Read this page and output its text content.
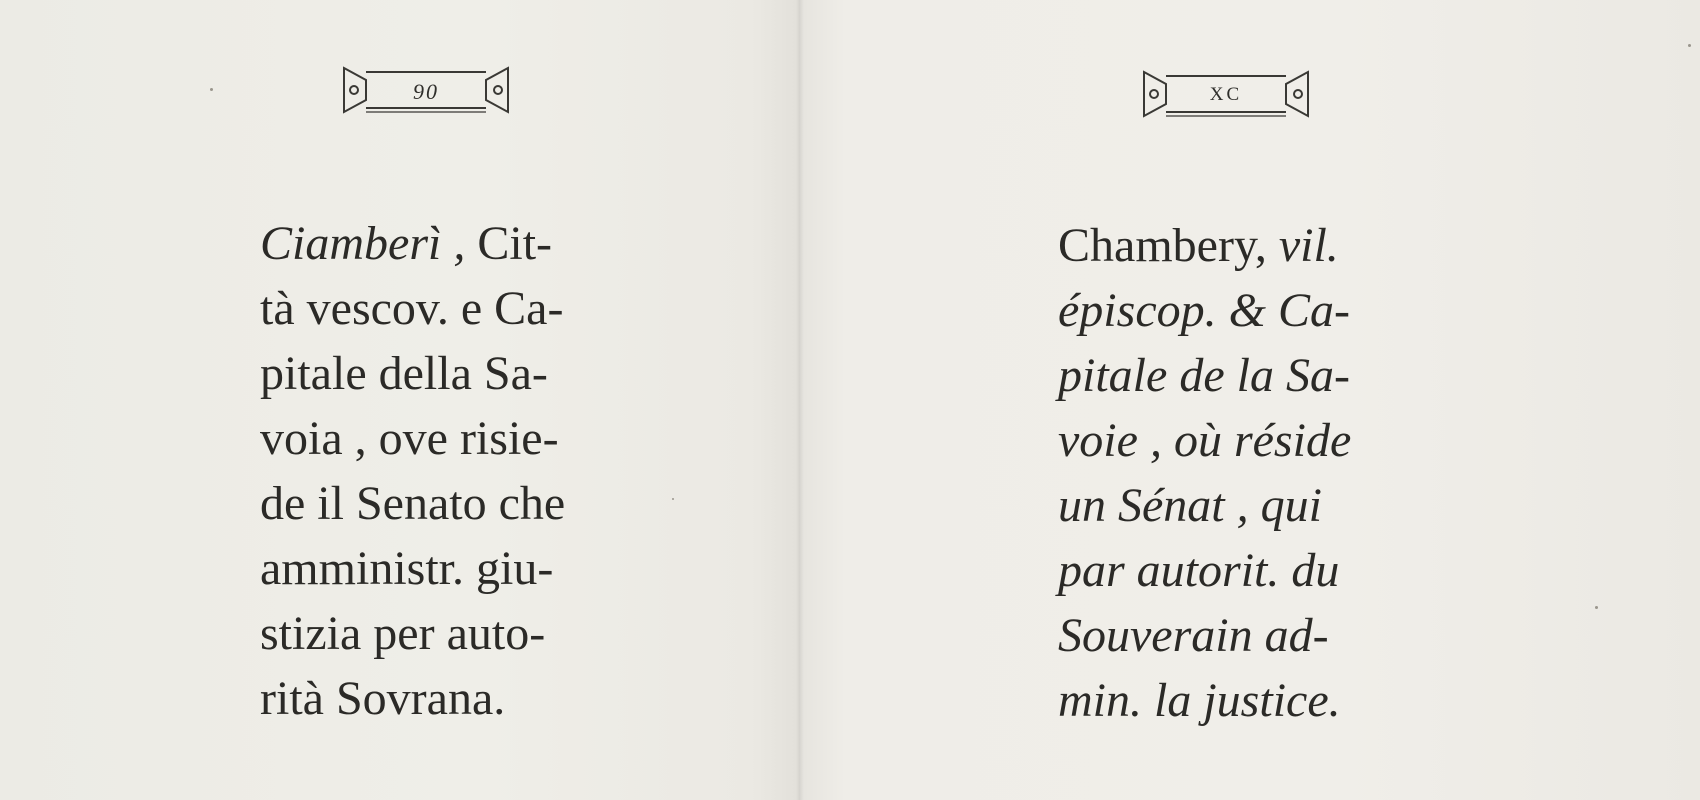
90
Ciamberì , Cit-
tà vescov. e Ca-
pitale della Sa-
voia , ove risie-
de il Senato che
amministr. giu-
stizia per auto-
rità Sovrana.
XC
Chambery, vil.
épiscop. & Ca-
pitale de la Sa-
voie , où réside
un Sénat , qui
par autorit. du
Souverain ad-
min. la justice.
